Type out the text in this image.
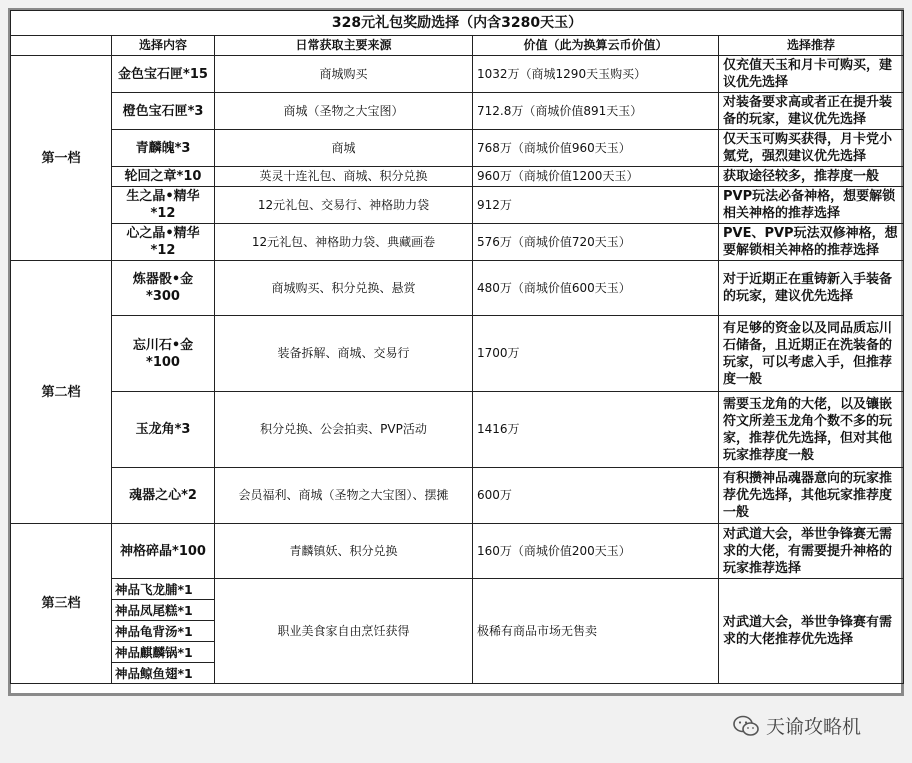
328元礼包奖励选择（内含3280天玉）				
	选择内容	日常获取主要来源	价值（此为换算云币价值）	选择推荐
第一档	金色宝石匣*15	商城购买	1032万（商城1290天玉购买）	仅充值天玉和月卡可购买，建议优先选择
	橙色宝石匣*3	商城（圣物之大宝图）	712.8万（商城价值891天玉）	对装备要求高或者正在提升装备的玩家，建议优先选择
	青麟魄*3	商城	768万（商城价值960天玉）	仅天玉可购买获得，月卡党小氪党，强烈建议优先选择
	轮回之章*10	英灵十连礼包、商城、积分兑换	960万（商城价值1200天玉）	获取途径较多，推荐度一般
	生之晶•精华*12	12元礼包、交易行、神格助力袋	912万	PVP玩法必备神格，想要解锁相关神格的推荐选择
	心之晶•精华*12	12元礼包、神格助力袋、典藏画卷	576万（商城价值720天玉）	PVE、PVP玩法双修神格，想要解锁相关神格的推荐选择
第二档	炼器骰•金*300	商城购买、积分兑换、悬赏	480万（商城价值600天玉）	对于近期正在重铸新入手装备的玩家，建议优先选择
	忘川石•金*100	装备拆解、商城、交易行	1700万	有足够的资金以及同品质忘川石储备，且近期正在洗装备的玩家，可以考虑入手，但推荐度一般
	玉龙角*3	积分兑换、公会拍卖、PVP活动	1416万	需要玉龙角的大佬，以及镶嵌符文所差玉龙角个数不多的玩家，推荐优先选择，但对其他玩家推荐度一般
	魂器之心*2	会员福利、商城（圣物之大宝图）、摆摊	600万	有积攒神品魂器意向的玩家推荐优先选择，其他玩家推荐度一般
第三档	神格碎晶*100	青麟镇妖、积分兑换	160万（商城价值200天玉）	对武道大会，举世争锋赛无需求的大佬，有需要提升神格的玩家推荐选择
	神品飞龙脯*1	职业美食家自由烹饪获得	极稀有商品市场无售卖	对武道大会，举世争锋赛有需求的大佬推荐优先选择
	神品凤尾糕*1			
	神品龟背汤*1			
	神品麒麟锅*1			
	神品鲸鱼翅*1			
天谕攻略机
